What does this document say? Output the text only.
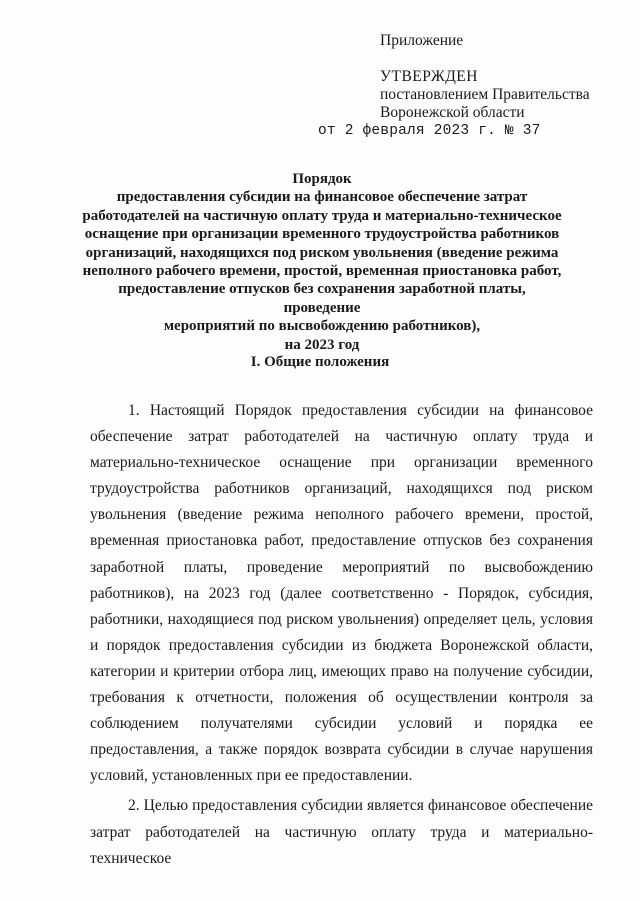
Приложение
УТВЕРЖДЕН
постановлением Правительства
Воронежской области
от 2 февраля 2023 г. № 37
Порядок
предоставления субсидии на финансовое обеспечение затрат
работодателей на частичную оплату труда и материально-техническое
оснащение при организации временного трудоустройства работников
организаций, находящихся под риском увольнения (введение режима
неполного рабочего времени, простой, временная приостановка работ,
предоставление отпусков без сохранения заработной платы, проведение
мероприятий по высвобождению работников),
на 2023 год
I. Общие положения

1. Настоящий Порядок предоставления субсидии на финансовое обеспечение затрат работодателей на частичную оплату труда и материально-техническое оснащение при организации временного трудоустройства работников организаций, находящихся под риском увольнения (введение режима неполного рабочего времени, простой, временная приостановка работ, предоставление отпусков без сохранения заработной платы, проведение мероприятий по высвобождению работников), на 2023 год (далее соответственно - Порядок, субсидия, работники, находящиеся под риском увольнения) определяет цель, условия и порядок предоставления субсидии из бюджета Воронежской области, категории и критерии отбора лиц, имеющих право на получение субсидии, требования к отчетности, положения об осуществлении контроля за соблюдением получателями субсидии условий и порядка ее предоставления, а также порядок возврата субсидии в случае нарушения условий, установленных при ее предоставлении.

2. Целью предоставления субсидии является финансовое обеспечение затрат работодателей на частичную оплату труда и материально-техническое
